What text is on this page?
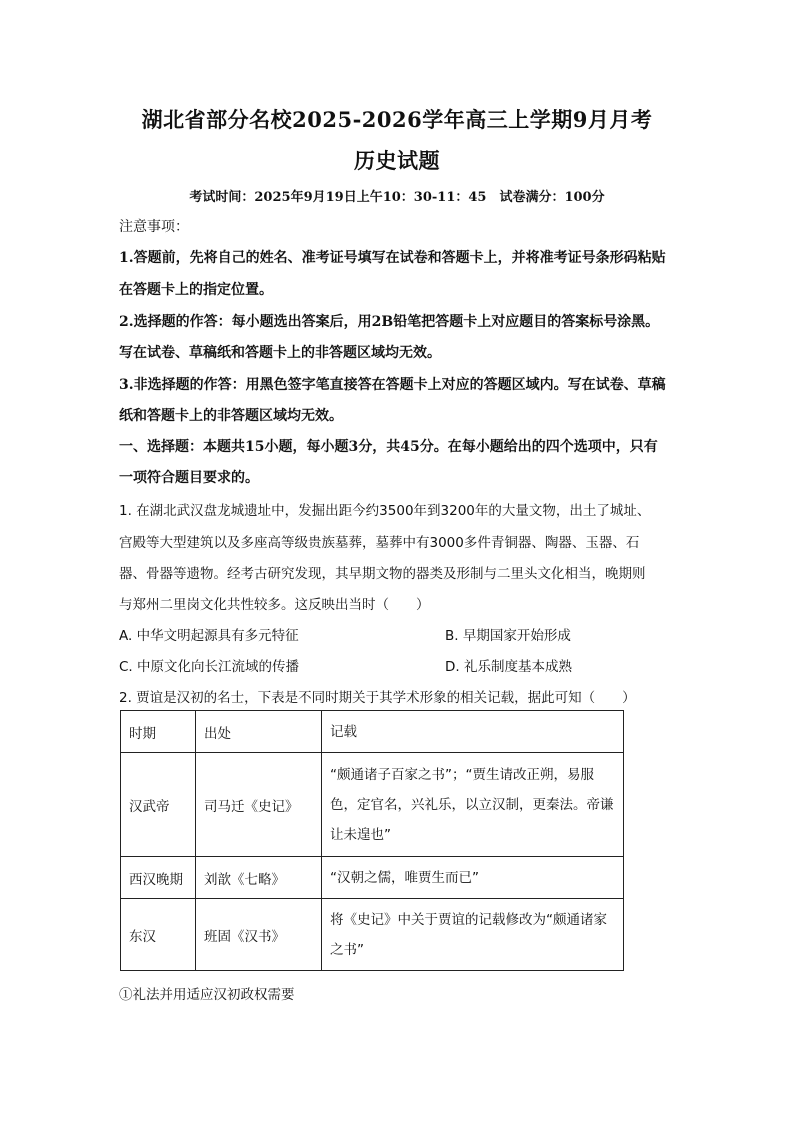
湖北省部分名校2025-2026学年高三上学期9月月考
历史试题
考试时间：2025年9月19日上午10：30-11：45　试卷满分：100分
注意事项：
1.答题前，先将自己的姓名、准考证号填写在试卷和答题卡上，并将准考证号条形码粘贴
在答题卡上的指定位置。
2.选择题的作答：每小题选出答案后，用2B铅笔把答题卡上对应题目的答案标号涂黑。
写在试卷、草稿纸和答题卡上的非答题区域均无效。
3.非选择题的作答：用黑色签字笔直接答在答题卡上对应的答题区域内。写在试卷、草稿
纸和答题卡上的非答题区域均无效。
一、选择题：本题共15小题，每小题3分，共45分。在每小题给出的四个选项中，只有
一项符合题目要求的。
1. 在湖北武汉盘龙城遗址中，发掘出距今约3500年到3200年的大量文物，出土了城址、
宫殿等大型建筑以及多座高等级贵族墓葬，墓葬中有3000多件青铜器、陶器、玉器、石
器、骨器等遗物。经考古研究发现，其早期文物的器类及形制与二里头文化相当，晚期则
与郑州二里岗文化共性较多。这反映出当时（　　）
A. 中华文明起源具有多元特征	B. 早期国家开始形成
C. 中原文化向长江流域的传播	D. 礼乐制度基本成熟
2. 贾谊是汉初的名士，下表是不同时期关于其学术形象的相关记载，据此可知（　　）
时期	出处	记载
汉武帝	司马迁《史记》	“颇通诸子百家之书”；“贾生请改正朔，易服色，定官名，兴礼乐，以立汉制，更秦法。帝谦让未遑也”
西汉晚期	刘歆《七略》	“汉朝之儒，唯贾生而已”
东汉	班固《汉书》	将《史记》中关于贾谊的记载修改为“颇通诸家之书”
①礼法并用适应汉初政权需要
